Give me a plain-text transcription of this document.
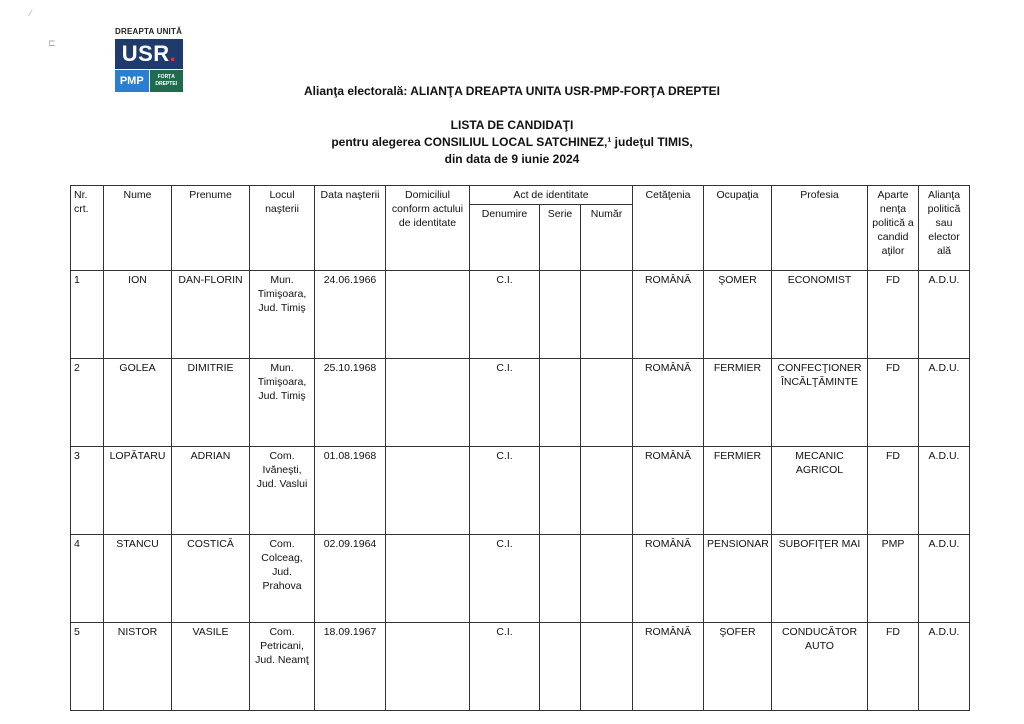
DREAPTA UNITĂ
USR.
PMP	FORȚA
DREPTEI
⁄
⊏
Alianţa electorală: ALIANŢA DREAPTA UNITA USR-PMP-FORŢA DREPTEI
LISTA DE CANDIDAŢI
pentru alegerea CONSILIUL LOCAL SATCHINEZ,¹ judeţul TIMIS,
din data de 9 iunie 2024
Nr. crt.	Nume	Prenume	Locul naşterii	Data naşterii	Domiciliul conform actului de identitate	Act de identitate			Cetăţenia	Ocupaţia	Profesia	Aparte nenţa politică a candid aţilor	Alianţa politică sau elector ală
						Denumire	Serie	Număr					
1	ION	DAN-FLORIN	Mun. Timişoara, Jud. Timiş	24.06.1966		C.I.			ROMÂNĂ	ŞOMER	ECONOMIST	FD	A.D.U.
2	GOLEA	DIMITRIE	Mun. Timişoara, Jud. Timiş	25.10.1968		C.I.			ROMÂNĂ	FERMIER	CONFECŢIONER ÎNCĂLŢĂMINTE	FD	A.D.U.
3	LOPĂTARU	ADRIAN	Com. Ivăneşti, Jud. Vaslui	01.08.1968		C.I.			ROMÂNĂ	FERMIER	MECANIC AGRICOL	FD	A.D.U.
4	STANCU	COSTICĂ	Com. Colceag, Jud. Prahova	02.09.1964		C.I.			ROMÂNĂ	PENSIONAR	SUBOFIŢER MAI	PMP	A.D.U.
5	NISTOR	VASILE	Com. Petricani, Jud. Neamţ	18.09.1967		C.I.			ROMÂNĂ	ŞOFER	CONDUCĂTOR AUTO	FD	A.D.U.
